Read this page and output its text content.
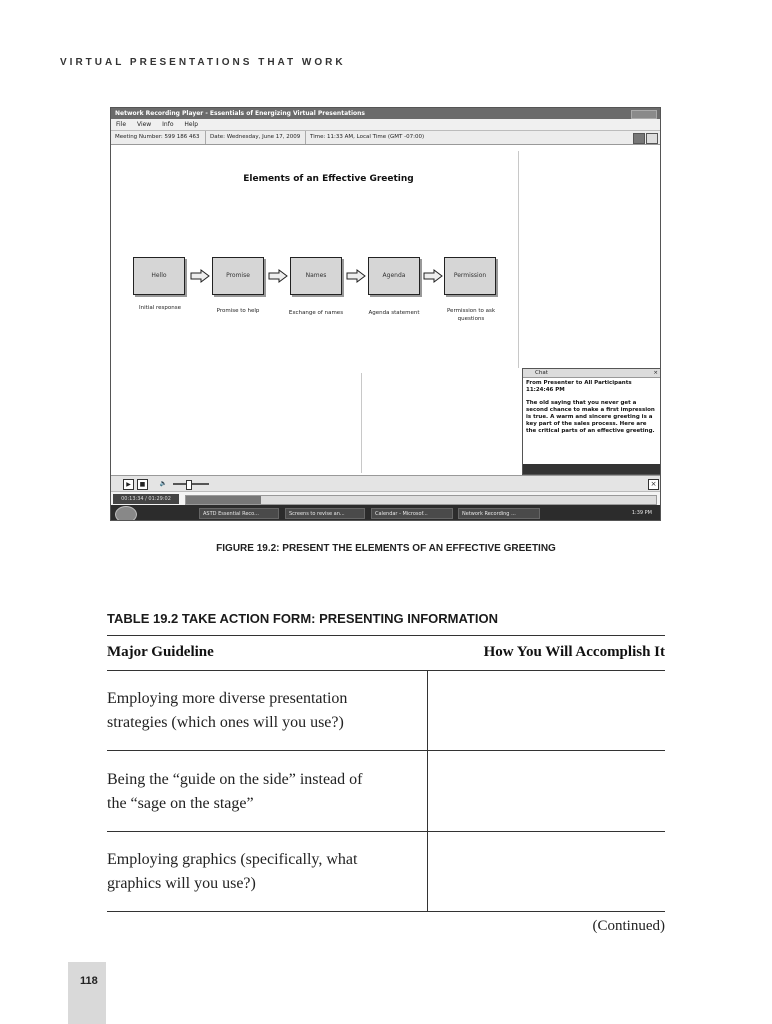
VIRTUAL PRESENTATIONS THAT WORK
Network Recording Player - Essentials of Energizing Virtual Presentations
File View Info Help
Meeting Number: 599 186 463	Date: Wednesday, June 17, 2009	Time: 11:33 AM, Local Time (GMT -07:00)
Elements of an Effective Greeting
Hello	Promise	Names	Agenda	Permission
Initial response	Promise to help	Exchange of names	Agenda statement	Permission to ask questions
Chat	×
From Presenter to All Participants
11:24:46 PM
The old saying that you never get a second chance to make a first impression is true. A warm and sincere greeting is a key part of the sales process. Here are the critical parts of an effective greeting.
▶	■	🔈	×
00:13:34 / 01:29:02
ASTD Essential Reco...	Screens to revise an...	Calendar - Microsof...	Network Recording ...	1:39 PM
FIGURE 19.2: PRESENT THE ELEMENTS OF AN EFFECTIVE GREETING
TABLE 19.2 TAKE ACTION FORM: PRESENTING INFORMATION
Major Guideline	How You Will Accomplish It
Employing more diverse presentation
strategies (which ones will you use?)
Being the “guide on the side” instead of
the “sage on the stage”
Employing graphics (specifically, what
graphics will you use?)
(Continued)
118
